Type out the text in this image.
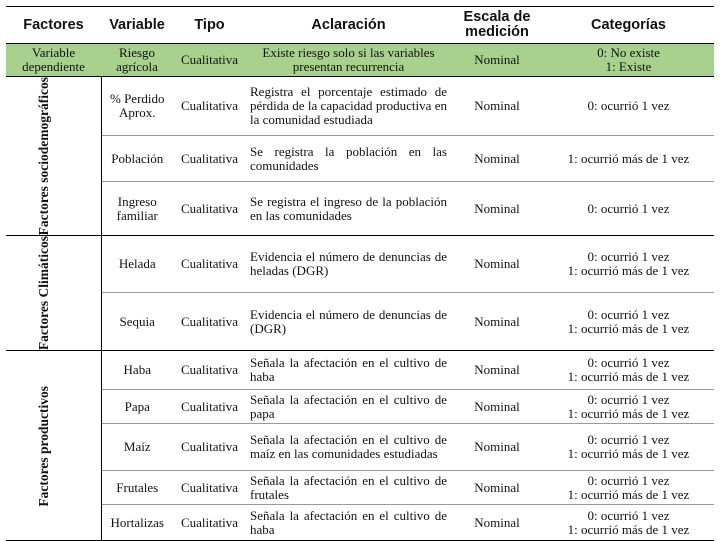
Factores	Variable	Tipo	Aclaración	Escala de medición	Categorías
Variable dependiente	Riesgo agrícola	Cualitativa	Existe riesgo solo si las variables presentan recurrencia	Nominal	0: No existe
1: Existe

Factores sociodemográficos	% Perdido Aprox.	Cualitativa	Registra el porcentaje estimado de pérdida de la capacidad productiva en la comunidad estudiada	Nominal	0: ocurrió 1 vez
	Población	Cualitativa	Se registra la población en las comunidades	Nominal	1: ocurrió más de 1 vez
	Ingreso familiar	Cualitativa	Se registra el ingreso de la población en las comunidades	Nominal	0: ocurrió 1 vez

Factores Climáticos	Helada	Cualitativa	Evidencia el número de denuncias de heladas (DGR)	Nominal	0: ocurrió 1 vez
1: ocurrió más de 1 vez
	Sequia	Cualitativa	Evidencia el número de denuncias de (DGR)	Nominal	0: ocurrió 1 vez
1: ocurrió más de 1 vez

Factores productivos	Haba	Cualitativa	Señala la afectación en el cultivo de haba	Nominal	0: ocurrió 1 vez
1: ocurrió más de 1 vez
	Papa	Cualitativa	Señala la afectación en el cultivo de papa	Nominal	0: ocurrió 1 vez
1: ocurrió más de 1 vez
	Maíz	Cualitativa	Señala la afectación en el cultivo de maíz en las comunidades estudiadas	Nominal	0: ocurrió 1 vez
1: ocurrió más de 1 vez
	Frutales	Cualitativa	Señala la afectación en el cultivo de frutales	Nominal	0: ocurrió 1 vez
1: ocurrió más de 1 vez
	Hortalizas	Cualitativa	Señala la afectación en el cultivo de haba	Nominal	0: ocurrió 1 vez
1: ocurrió más de 1 vez
